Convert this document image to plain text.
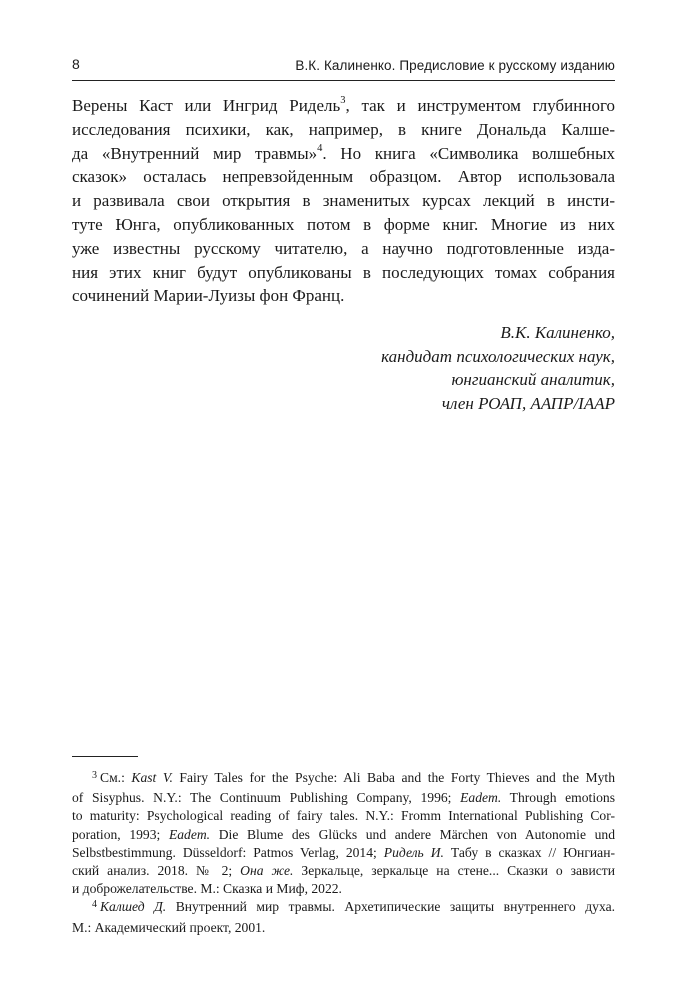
8	В.К. Калиненко. Предисловие к русскому изданию
Верены Каст или Ингрид Ридель$^3$, так и инструментом глубинного
исследования психики, как, например, в книге Дональда Калше-
да «Внутренний мир травмы»$^4$. Но книга «Символика волшебных
сказок» осталась непревзойденным образцом. Автор использовала
и развивала свои открытия в знаменитых курсах лекций в инсти-
туте Юнга, опубликованных потом в форме книг. Многие из них
уже известны русскому читателю, а научно подготовленные изда-
ния этих книг будут опубликованы в последующих томах собрания
сочинений Марии-Луизы фон Франц.
В.К. Калиненко,
кандидат психологических наук,
юнгианский аналитик,
член РОАП, ААПР/IAAP
$^3$ См.: Kast V. Fairy Tales for the Psyche: Ali Baba and the Forty Thieves and the Myth
of Sisyphus. N.Y.: The Continuum Publishing Company, 1996; Eadem. Through emotions
to maturity: Psychological reading of fairy tales. N.Y.: Fromm International Publishing Cor-
poration, 1993; Eadem. Die Blume des Glücks und andere Märchen von Autonomie und
Selbstbestimmung. Düsseldorf: Patmos Verlag, 2014; Ридель И. Табу в сказках // Юнгиан-
ский анализ. 2018. № 2; Она же. Зеркальце, зеркальце на стене... Сказки о зависти
и доброжелательстве. М.: Сказка и Миф, 2022.
$^4$ Калшед Д. Внутренний мир травмы. Архетипические защиты внутреннего духа.
М.: Академический проект, 2001.
